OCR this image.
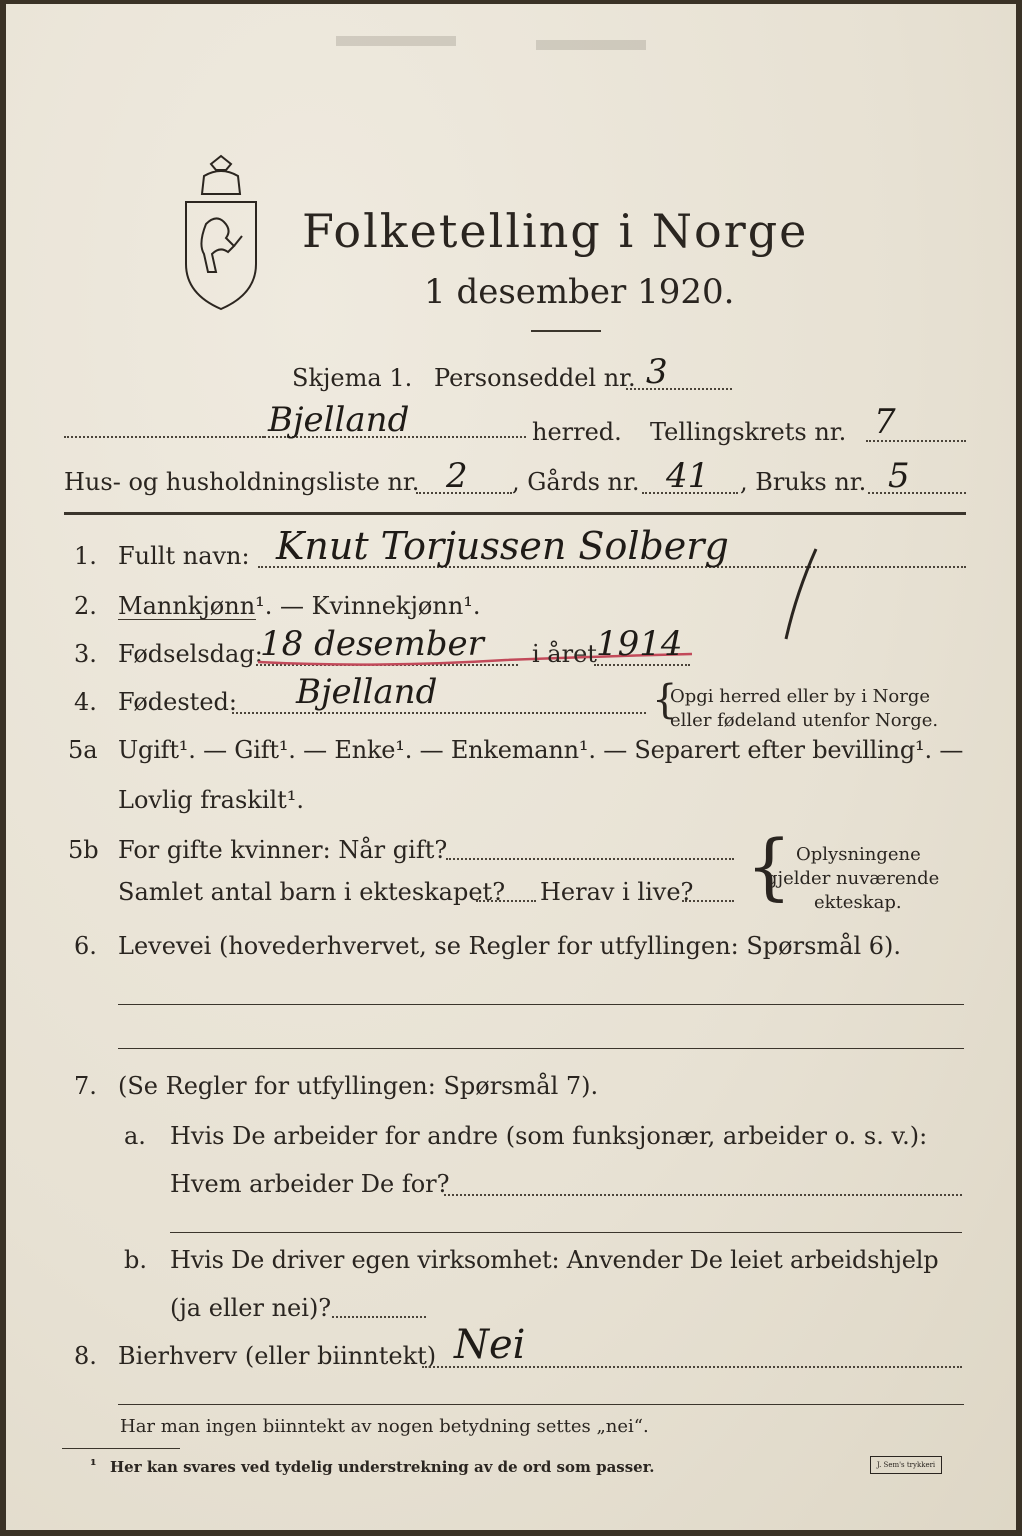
Folketelling i Norge
1 desember 1920.
Skjema 1. Personseddel nr. 3
Bjelland	herred. Tellingskrets nr. 7
Hus- og husholdningsliste nr. 2 , Gårds nr. 41 , Bruks nr. 5
1. Fullt navn: Knut Torjussen Solberg
2. Mannkjønn¹. — Kvinnekjønn¹.
3. Fødselsdag:
18 desember i året 1914
4. Fødested: Bjelland	{
Opgi herred eller by i Norge
eller fødeland utenfor Norge.
5a Ugift¹. — Gift¹. — Enke¹. — Enkemann¹. — Separert efter bevilling¹. —
Lovlig fraskilt¹.
5b For gifte kvinner: Når gift?
Samlet antal barn i ekteskapet? Herav i live? { Oplysningene
gjelder nuværende
ekteskap.
6. Levevei (hovederhvervet, se Regler for utfyllingen: Spørsmål 6).
7. (Se Regler for utfyllingen: Spørsmål 7).
a. Hvis De arbeider for andre (som funksjonær, arbeider o. s. v.):
Hvem arbeider De for?
b. Hvis De driver egen virksomhet: Anvender De leiet arbeidshjelp
(ja eller nei)?
8. Bierhverv (eller biinntekt) Nei
Har man ingen biinntekt av nogen betydning settes „nei“.
¹ Her kan svares ved tydelig understrekning av de ord som passer.	J. Sem's trykkeri
